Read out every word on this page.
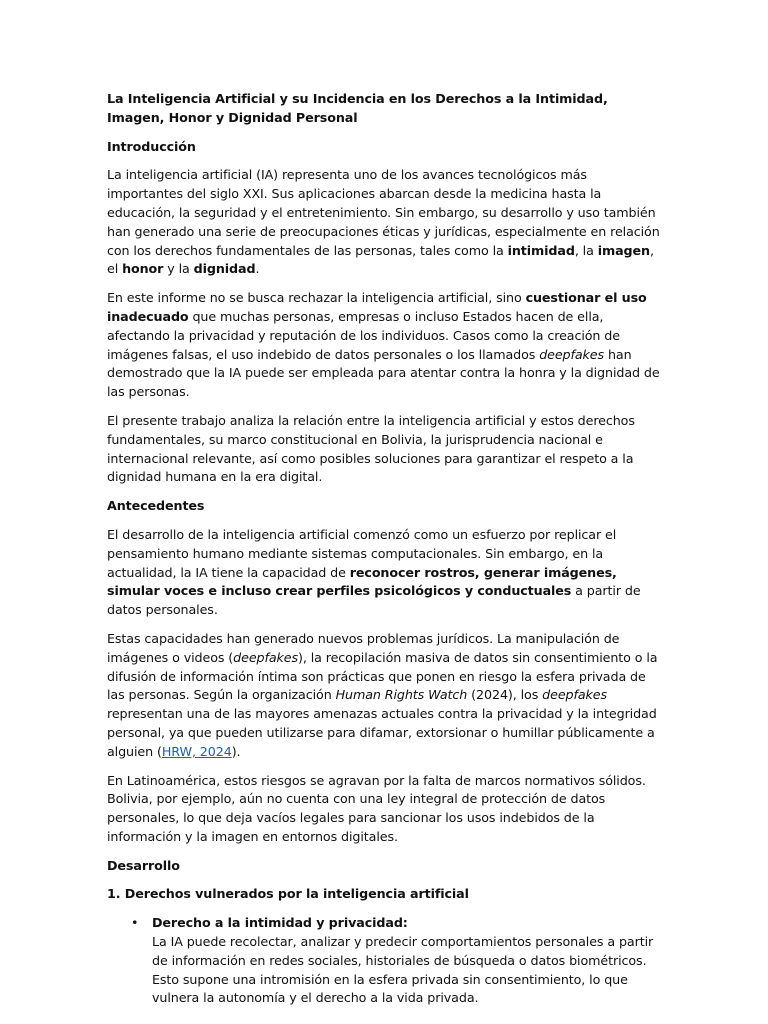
La Inteligencia Artificial y su Incidencia en los Derechos a la Intimidad, Imagen, Honor y Dignidad Personal
Introducción

La inteligencia artificial (IA) representa uno de los avances tecnológicos más importantes del siglo XXI. Sus aplicaciones abarcan desde la medicina hasta la educación, la seguridad y el entretenimiento. Sin embargo, su desarrollo y uso también han generado una serie de preocupaciones éticas y jurídicas, especialmente en relación con los derechos fundamentales de las personas, tales como la intimidad, la imagen, el honor y la dignidad.

En este informe no se busca rechazar la inteligencia artificial, sino cuestionar el uso inadecuado que muchas personas, empresas o incluso Estados hacen de ella, afectando la privacidad y reputación de los individuos. Casos como la creación de imágenes falsas, el uso indebido de datos personales o los llamados deepfakes han demostrado que la IA puede ser empleada para atentar contra la honra y la dignidad de las personas.

El presente trabajo analiza la relación entre la inteligencia artificial y estos derechos fundamentales, su marco constitucional en Bolivia, la jurisprudencia nacional e internacional relevante, así como posibles soluciones para garantizar el respeto a la dignidad humana en la era digital.

Antecedentes

El desarrollo de la inteligencia artificial comenzó como un esfuerzo por replicar el pensamiento humano mediante sistemas computacionales. Sin embargo, en la actualidad, la IA tiene la capacidad de reconocer rostros, generar imágenes, simular voces e incluso crear perfiles psicológicos y conductuales a partir de datos personales.

Estas capacidades han generado nuevos problemas jurídicos. La manipulación de imágenes o videos (deepfakes), la recopilación masiva de datos sin consentimiento o la difusión de información íntima son prácticas que ponen en riesgo la esfera privada de las personas. Según la organización Human Rights Watch (2024), los deepfakes representan una de las mayores amenazas actuales contra la privacidad y la integridad personal, ya que pueden utilizarse para difamar, extorsionar o humillar públicamente a alguien (HRW, 2024).

En Latinoamérica, estos riesgos se agravan por la falta de marcos normativos sólidos. Bolivia, por ejemplo, aún no cuenta con una ley integral de protección de datos personales, lo que deja vacíos legales para sancionar los usos indebidos de la información y la imagen en entornos digitales.

Desarrollo
1. Derechos vulnerados por la inteligencia artificial
• Derecho a la intimidad y privacidad:
La IA puede recolectar, analizar y predecir comportamientos personales a partir de información en redes sociales, historiales de búsqueda o datos biométricos. Esto supone una intromisión en la esfera privada sin consentimiento, lo que vulnera la autonomía y el derecho a la vida privada.
